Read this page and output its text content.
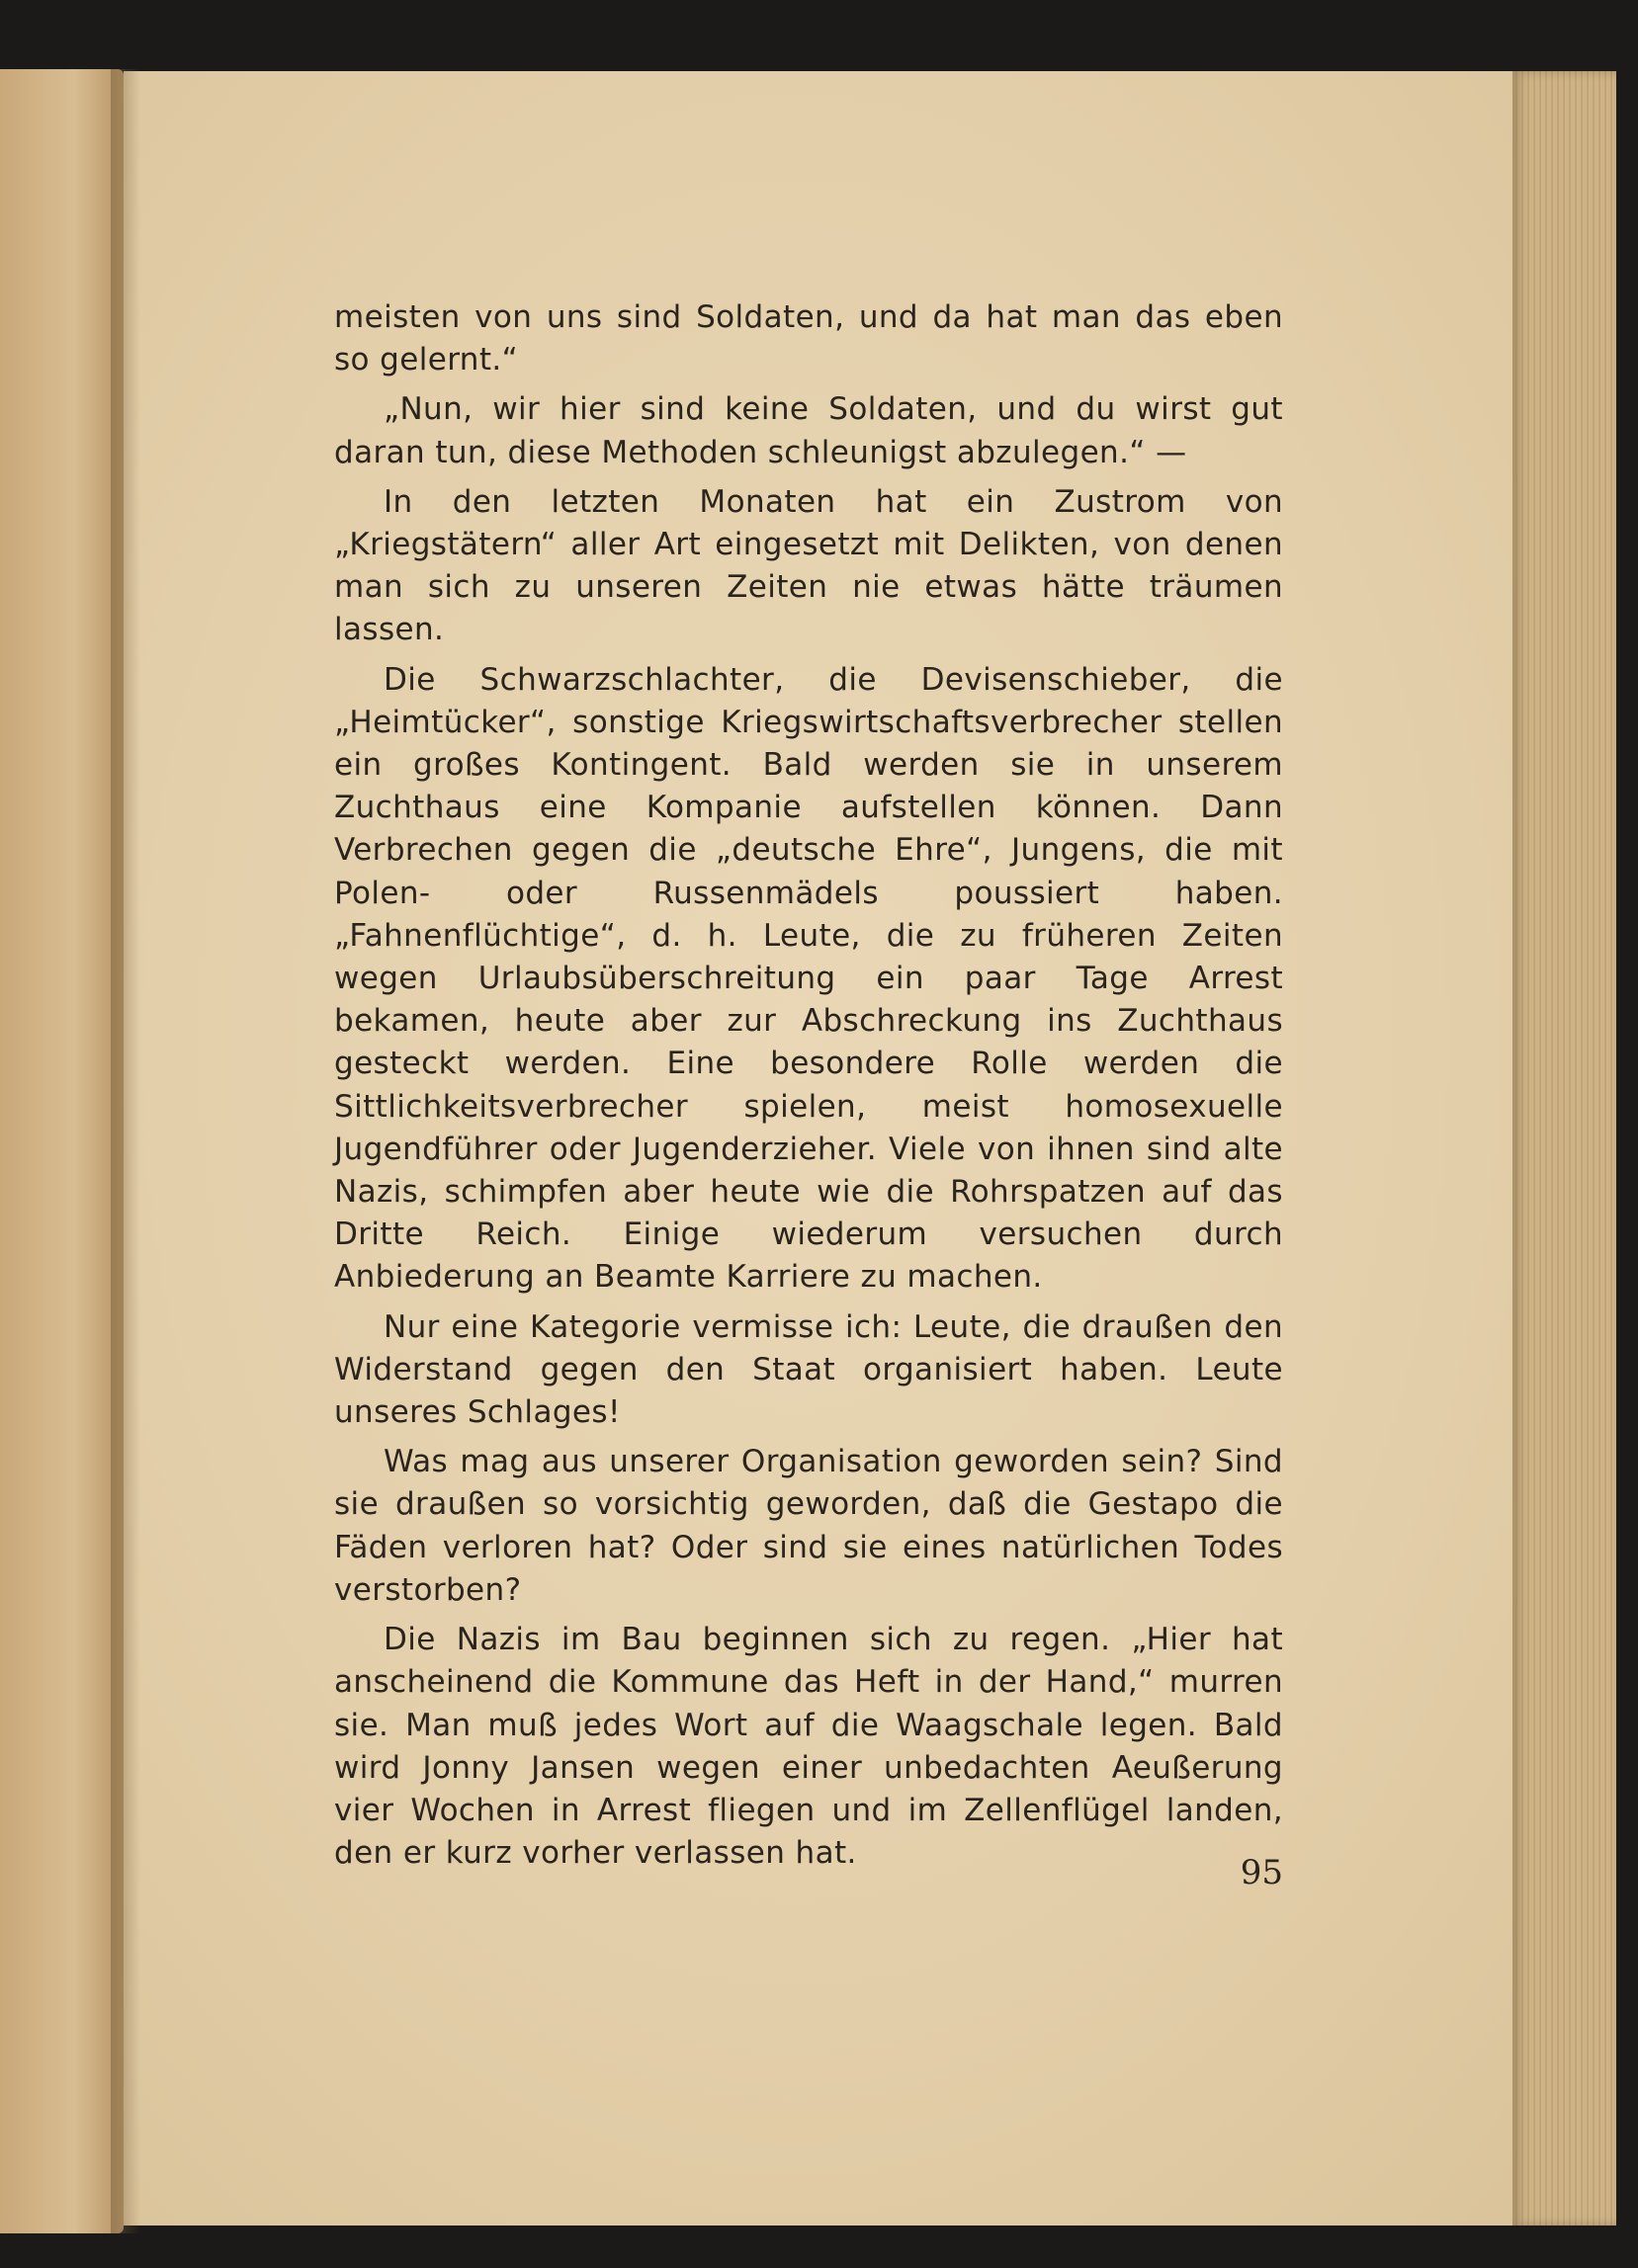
meisten von uns sind Soldaten, und da hat man das eben so gelernt.“

„Nun, wir hier sind keine Soldaten, und du wirst gut daran tun, diese Methoden schleunigst abzulegen.“ —

In den letzten Monaten hat ein Zustrom von „Kriegstätern“ aller Art eingesetzt mit Delikten, von denen man sich zu unseren Zeiten nie etwas hätte träumen lassen.

Die Schwarzschlachter, die Devisenschieber, die „Heimtücker“, sonstige Kriegswirtschaftsverbrecher stellen ein großes Kontingent. Bald werden sie in unserem Zuchthaus eine Kompanie aufstellen können. Dann Verbrechen gegen die „deutsche Ehre“, Jungens, die mit Polen- oder Russenmädels poussiert haben. „Fahnenflüchtige“, d. h. Leute, die zu früheren Zeiten wegen Urlaubsüberschreitung ein paar Tage Arrest bekamen, heute aber zur Abschreckung ins Zuchthaus gesteckt werden. Eine besondere Rolle werden die Sittlichkeitsverbrecher spielen, meist homosexuelle Jugendführer oder Jugenderzieher. Viele von ihnen sind alte Nazis, schimpfen aber heute wie die Rohrspatzen auf das Dritte Reich. Einige wiederum versuchen durch Anbiederung an Beamte Karriere zu machen.

Nur eine Kategorie vermisse ich: Leute, die draußen den Widerstand gegen den Staat organisiert haben. Leute unseres Schlages!

Was mag aus unserer Organisation geworden sein? Sind sie draußen so vorsichtig geworden, daß die Gestapo die Fäden verloren hat? Oder sind sie eines natürlichen Todes verstorben?

Die Nazis im Bau beginnen sich zu regen. „Hier hat anscheinend die Kommune das Heft in der Hand,“ murren sie. Man muß jedes Wort auf die Waagschale legen. Bald wird Jonny Jansen wegen einer unbedachten Aeußerung vier Wochen in Arrest fliegen und im Zellenflügel landen, den er kurz vorher verlassen hat.	95
